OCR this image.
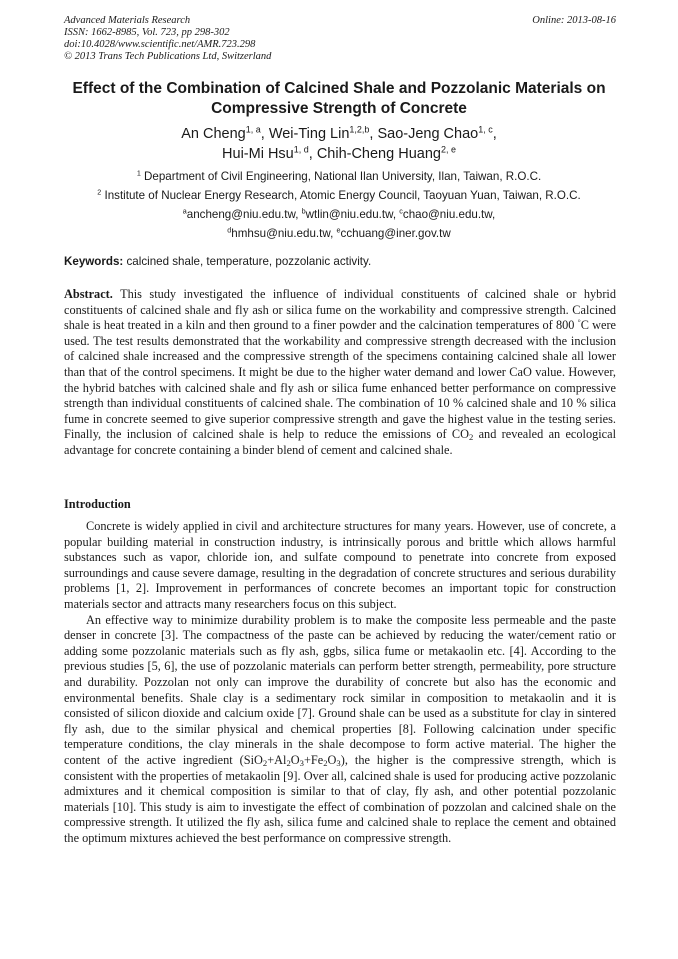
Advanced Materials Research
ISSN: 1662-8985, Vol. 723, pp 298-302
doi:10.4028/www.scientific.net/AMR.723.298
© 2013 Trans Tech Publications Ltd, Switzerland
Online: 2013-08-16
Effect of the Combination of Calcined Shale and Pozzolanic Materials on
Compressive Strength of Concrete
An Cheng$^{1, a}$, Wei-Ting Lin$^{1,2,b}$, Sao-Jeng Chao$^{1, c}$,
Hui-Mi Hsu$^{1, d}$, Chih-Cheng Huang$^{2, e}$
$^1$ Department of Civil Engineering, National Ilan University, Ilan, Taiwan, R.O.C.
$^2$ Institute of Nuclear Energy Research, Atomic Energy Council, Taoyuan Yuan, Taiwan, R.O.C.
$^a$ancheng@niu.edu.tw, $^b$wtlin@niu.edu.tw, $^c$chao@niu.edu.tw,
$^d$hmhsu@niu.edu.tw, $^e$cchuang@iner.gov.tw
Keywords: calcined shale, temperature, pozzolanic activity.
Abstract. This study investigated the influence of individual constituents of calcined shale or hybrid constituents of calcined shale and fly ash or silica fume on the workability and compressive strength. Calcined shale is heat treated in a kiln and then ground to a finer powder and the calcination temperatures of 800 °C were used. The test results demonstrated that the workability and compressive strength decreased with the inclusion of calcined shale increased and the compressive strength of the specimens containing calcined shale all lower than that of the control specimens. It might be due to the higher water demand and lower CaO value. However, the hybrid batches with calcined shale and fly ash or silica fume enhanced better performance on compressive strength than individual constituents of calcined shale. The combination of 10 % calcined shale and 10 % silica fume in concrete seemed to give superior compressive strength and gave the highest value in the testing series. Finally, the inclusion of calcined shale is help to reduce the emissions of $CO_2$ and revealed an ecological advantage for concrete containing a binder blend of cement and calcined shale.
Introduction

Concrete is widely applied in civil and architecture structures for many years. However, use of concrete, a popular building material in construction industry, is intrinsically porous and brittle which allows harmful substances such as vapor, chloride ion, and sulfate compound to penetrate into concrete from exposed surroundings and cause severe damage, resulting in the degradation of concrete structures and serious durability problems [1, 2]. Improvement in performances of concrete becomes an important topic for construction materials sector and attracts many researchers focus on this subject.

An effective way to minimize durability problem is to make the composite less permeable and the paste denser in concrete [3]. The compactness of the paste can be achieved by reducing the water/cement ratio or adding some pozzolanic materials such as fly ash, ggbs, silica fume or metakaolin etc. [4]. According to the previous studies [5, 6], the use of pozzolanic materials can perform better strength, permeability, pore structure and durability. Pozzolan not only can improve the durability of concrete but also has the economic and environmental benefits. Shale clay is a sedimentary rock similar in composition to metakaolin and it is consisted of silicon dioxide and calcium oxide [7]. Ground shale can be used as a substitute for clay in sintered fly ash, due to the similar physical and chemical properties [8]. Following calcination under specific temperature conditions, the clay minerals in the shale decompose to form active material. The higher the content of the active ingredient $(SiO_2+Al_2O_3+Fe_2O_3)$, the higher is the compressive strength, which is consistent with the properties of metakaolin [9]. Over all, calcined shale is used for producing active pozzolanic admixtures and it chemical composition is similar to that of clay, fly ash, and other potential pozzolanic materials [10]. This study is aim to investigate the effect of combination of pozzolan and calcined shale on the compressive strength. It utilized the fly ash, silica fume and calcined shale to replace the cement and obtained the optimum mixtures achieved the best performance on compressive strength.
